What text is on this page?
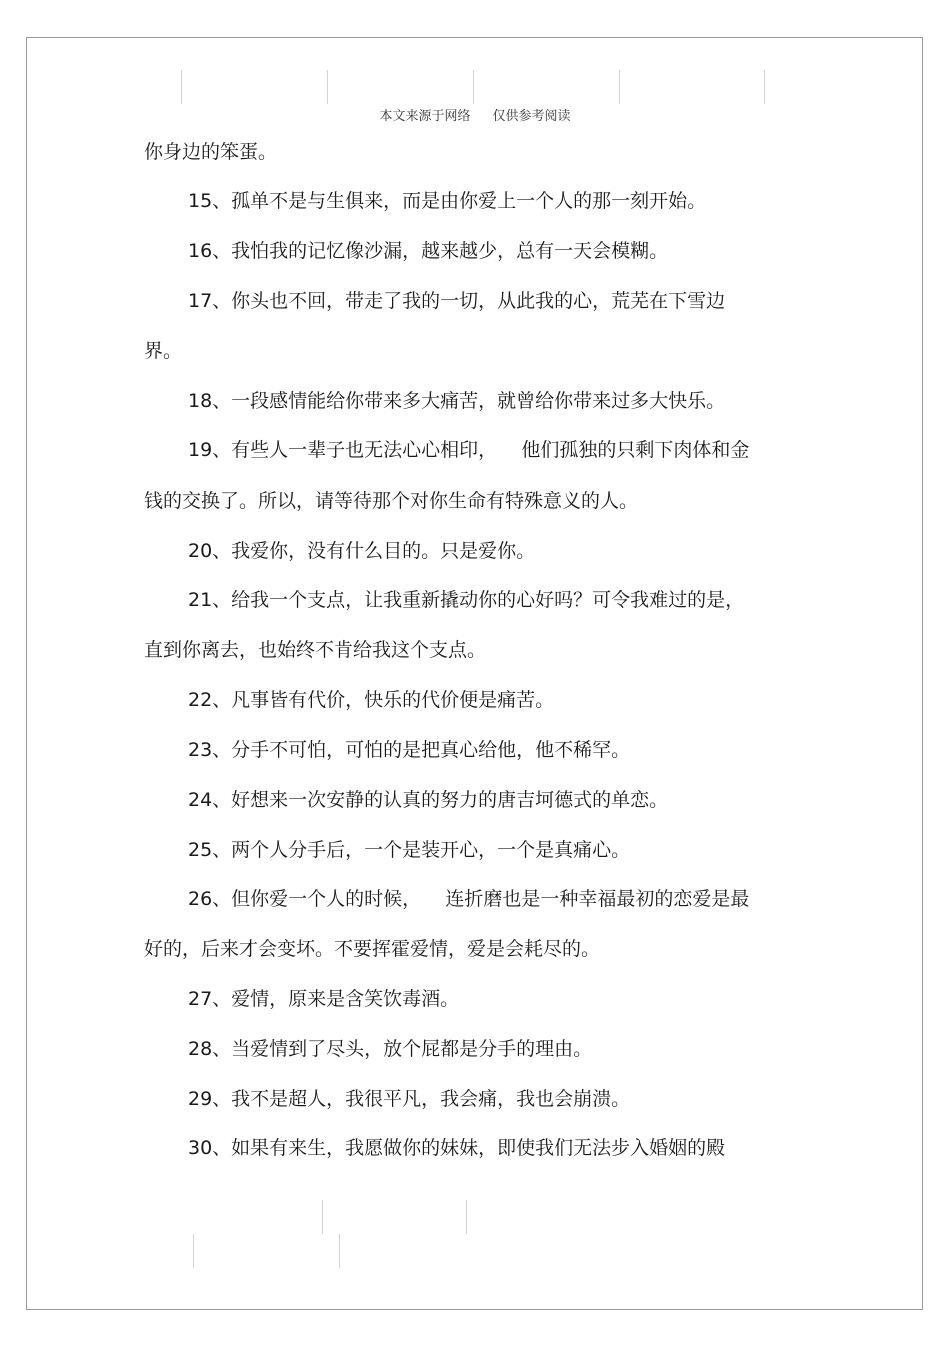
本文来源于网络 仅供参考阅读
你身边的笨蛋。
15、孤单不是与生俱来，而是由你爱上一个人的那一刻开始。
16、我怕我的记忆像沙漏，越来越少，总有一天会模糊。
17、你头也不回，带走了我的一切，从此我的心，荒芜在下雪边
界。
18、一段感情能给你带来多大痛苦，就曾给你带来过多大快乐。
19、有些人一辈子也无法心心相印，    他们孤独的只剩下肉体和金
钱的交换了。所以，请等待那个对你生命有特殊意义的人。
20、我爱你，没有什么目的。只是爱你。
21、给我一个支点，让我重新撬动你的心好吗？可令我难过的是，
直到你离去，也始终不肯给我这个支点。
22、凡事皆有代价，快乐的代价便是痛苦。
23、分手不可怕，可怕的是把真心给他，他不稀罕。
24、好想来一次安静的认真的努力的唐吉坷德式的单恋。
25、两个人分手后，一个是装开心，一个是真痛心。
26、但你爱一个人的时候，    连折磨也是一种幸福最初的恋爱是最
好的，后来才会变坏。不要挥霍爱情，爱是会耗尽的。
27、爱情，原来是含笑饮毒酒。
28、当爱情到了尽头，放个屁都是分手的理由。
29、我不是超人，我很平凡，我会痛，我也会崩溃。
30、如果有来生，我愿做你的妹妹，即使我们无法步入婚姻的殿
